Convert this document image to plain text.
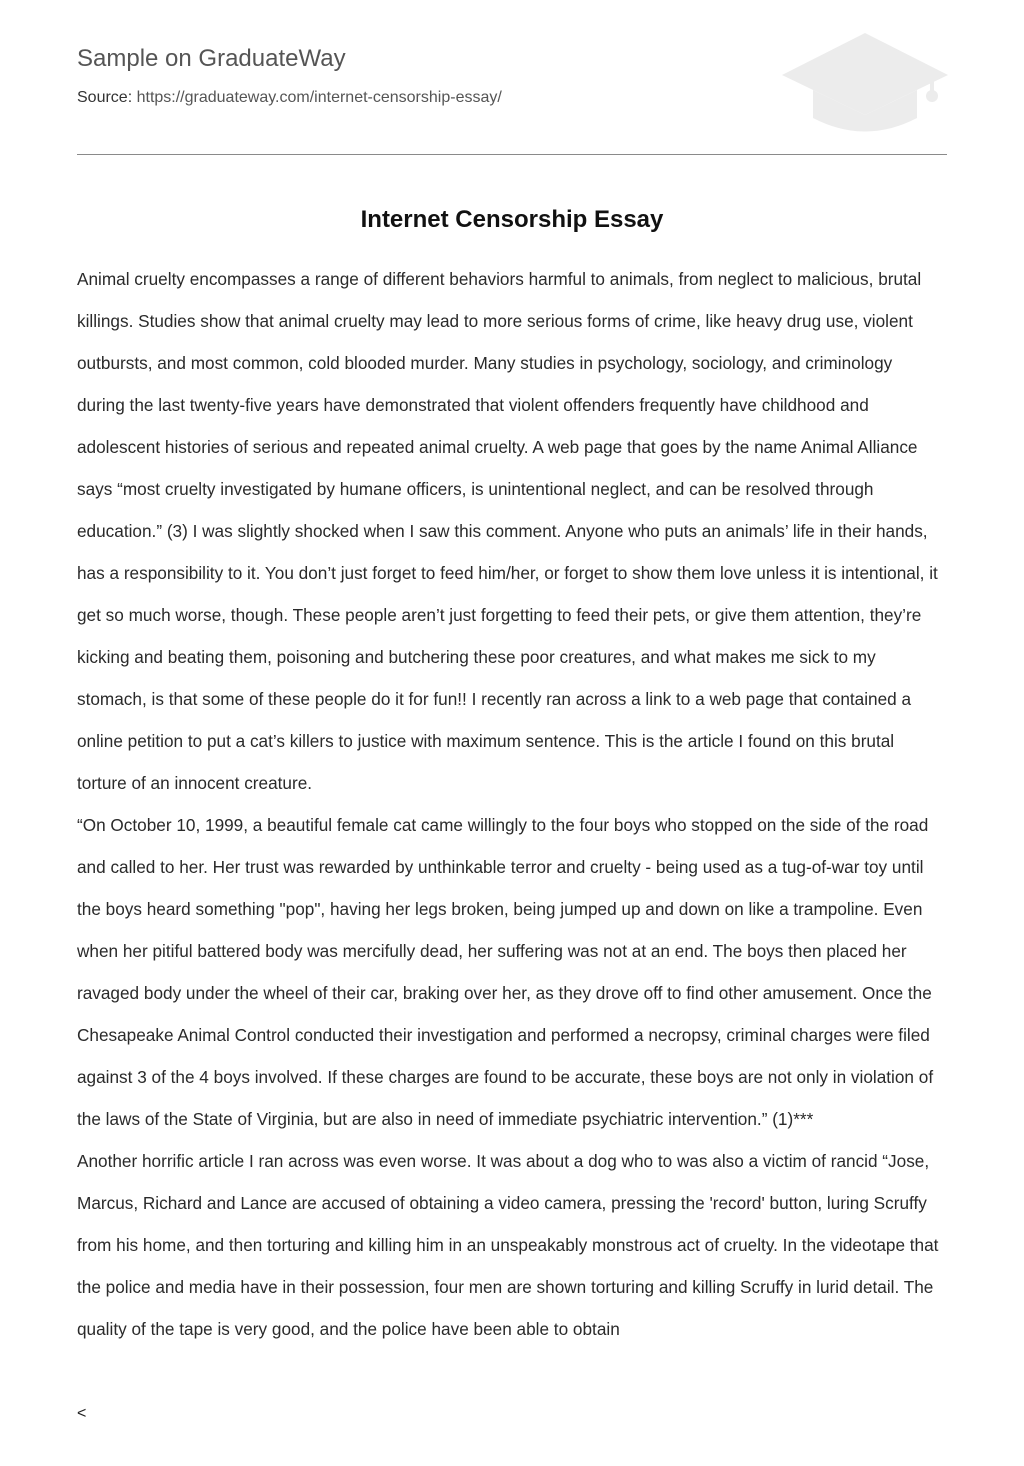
Sample on GraduateWay
Source: https://graduateway.com/internet-censorship-essay/
Internet Censorship Essay

Animal cruelty encompasses a range of different behaviors harmful to animals, from neglect to malicious, brutal killings. Studies show that animal cruelty may lead to more serious forms of crime, like heavy drug use, violent outbursts, and most common, cold blooded murder. Many studies in psychology, sociology, and criminology during the last twenty-five years have demonstrated that violent offenders frequently have childhood and adolescent histories of serious and repeated animal cruelty. A web page that goes by the name Animal Alliance says “most cruelty investigated by humane officers, is unintentional neglect, and can be resolved through education.” (3) I was slightly shocked when I saw this comment. Anyone who puts an animals’ life in their hands, has a responsibility to it. You don’t just forget to feed him/her, or forget to show them love unless it is intentional, it get so much worse, though. These people aren’t just forgetting to feed their pets, or give them attention, they’re kicking and beating them, poisoning and butchering these poor creatures, and what makes me sick to my stomach, is that some of these people do it for fun!! I recently ran across a link to a web page that contained a online petition to put a cat’s killers to justice with maximum sentence. This is the article I found on this brutal torture of an innocent creature.

“On October 10, 1999, a beautiful female cat came willingly to the four boys who stopped on the side of the road and called to her. Her trust was rewarded by unthinkable terror and cruelty - being used as a tug-of-war toy until the boys heard something "pop", having her legs broken, being jumped up and down on like a trampoline. Even when her pitiful battered body was mercifully dead, her suffering was not at an end. The boys then placed her ravaged body under the wheel of their car, braking over her, as they drove off to find other amusement. Once the Chesapeake Animal Control conducted their investigation and performed a necropsy, criminal charges were filed against 3 of the 4 boys involved. If these charges are found to be accurate, these boys are not only in violation of the laws of the State of Virginia, but are also in need of immediate psychiatric intervention.” (1)***

Another horrific article I ran across was even worse. It was about a dog who to was also a victim of rancid “Jose, Marcus, Richard and Lance are accused of obtaining a video camera, pressing the 'record' button, luring Scruffy from his home, and then torturing and killing him in an unspeakably monstrous act of cruelty. In the videotape that the police and media have in their possession, four men are shown torturing and killing Scruffy in lurid detail. The quality of the tape is very good, and the police have been able to obtain

<
